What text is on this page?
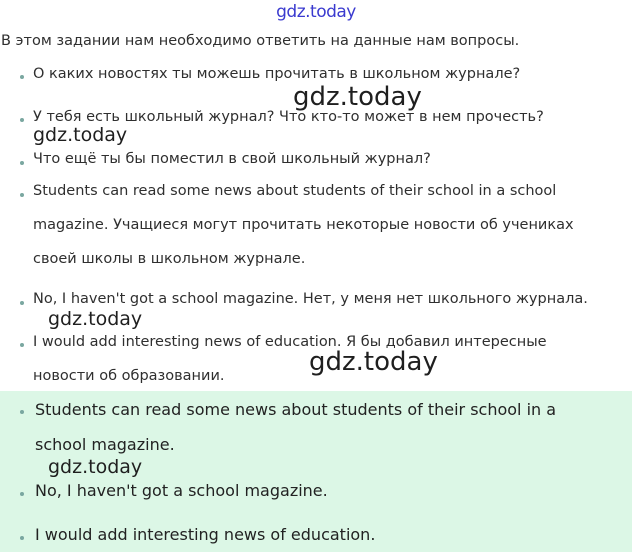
gdz.today
В этом задании нам необходимо ответить на данные нам вопросы.
О каких новостях ты можешь прочитать в школьном журнале?
У тебя есть школьный журнал? Что кто-то может в нем прочесть?
Что ещё ты бы поместил в свой школьный журнал?
Students can read some news about students of their school in a school
magazine. Учащиеся могут прочитать некоторые новости об учениках
своей школы в школьном журнале.
No, I haven't got a school magazine. Нет, у меня нет школьного журнала.
I would add interesting news of education. Я бы добавил интересные
новости об образовании.
Students can read some news about students of their school in a
school magazine.
No, I haven't got a school magazine.
I would add interesting news of education.
gdz.today
gdz.today
gdz.today
gdz.today
gdz.today
